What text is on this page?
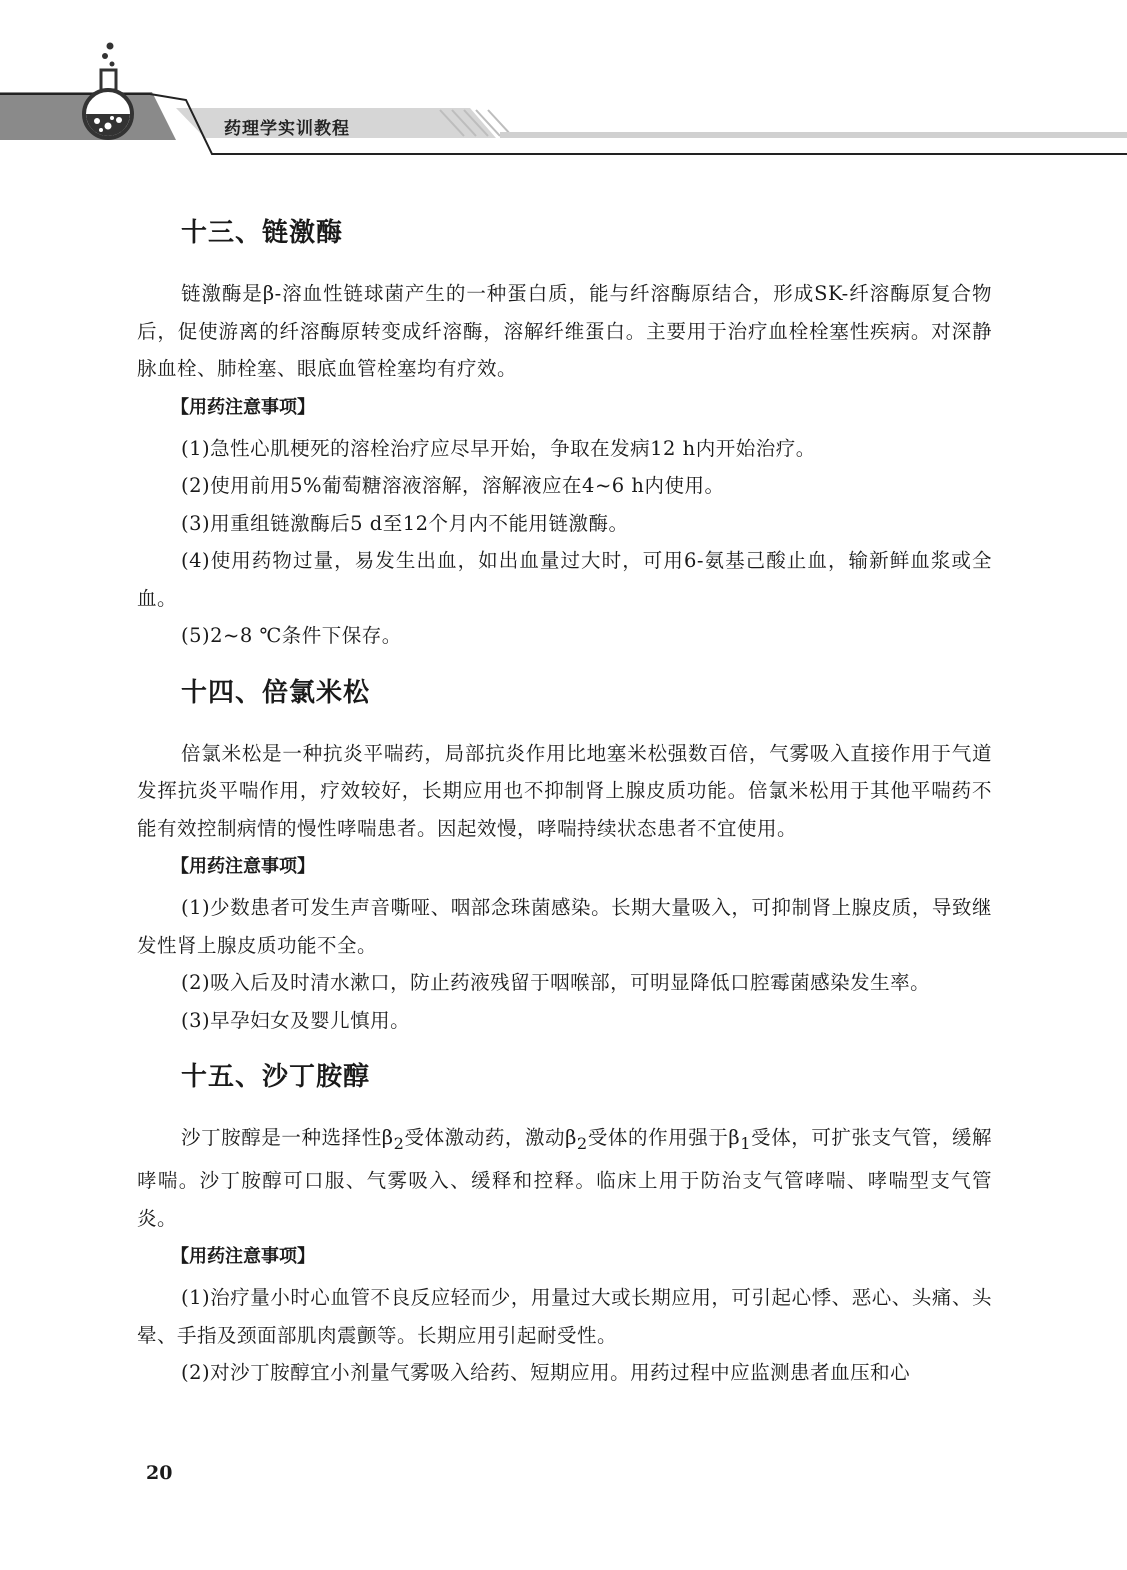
药理学实训教程
十三、链激酶

链激酶是β-溶血性链球菌产生的一种蛋白质，能与纤溶酶原结合，形成SK-纤溶酶原复合物后，促使游离的纤溶酶原转变成纤溶酶，溶解纤维蛋白。主要用于治疗血栓栓塞性疾病。对深静脉血栓、肺栓塞、眼底血管栓塞均有疗效。

【用药注意事项】

(1)急性心肌梗死的溶栓治疗应尽早开始，争取在发病12 h内开始治疗。

(2)使用前用5%葡萄糖溶液溶解，溶解液应在4~6 h内使用。

(3)用重组链激酶后5 d至12个月内不能用链激酶。

(4)使用药物过量，易发生出血，如出血量过大时，可用6-氨基己酸止血，输新鲜血浆或全血。

(5)2~8 ℃条件下保存。

十四、倍氯米松

倍氯米松是一种抗炎平喘药，局部抗炎作用比地塞米松强数百倍，气雾吸入直接作用于气道发挥抗炎平喘作用，疗效较好，长期应用也不抑制肾上腺皮质功能。倍氯米松用于其他平喘药不能有效控制病情的慢性哮喘患者。因起效慢，哮喘持续状态患者不宜使用。

【用药注意事项】

(1)少数患者可发生声音嘶哑、咽部念珠菌感染。长期大量吸入，可抑制肾上腺皮质，导致继发性肾上腺皮质功能不全。

(2)吸入后及时清水漱口，防止药液残留于咽喉部，可明显降低口腔霉菌感染发生率。

(3)早孕妇女及婴儿慎用。

十五、沙丁胺醇

沙丁胺醇是一种选择性$\beta_2$受体激动药，激动$\beta_2$受体的作用强于$\beta_1$受体，可扩张支气管，缓解哮喘。沙丁胺醇可口服、气雾吸入、缓释和控释。临床上用于防治支气管哮喘、哮喘型支气管炎。

【用药注意事项】

(1)治疗量小时心血管不良反应轻而少，用量过大或长期应用，可引起心悸、恶心、头痛、头晕、手指及颈面部肌肉震颤等。长期应用引起耐受性。

(2)对沙丁胺醇宜小剂量气雾吸入给药、短期应用。用药过程中应监测患者血压和心

20
